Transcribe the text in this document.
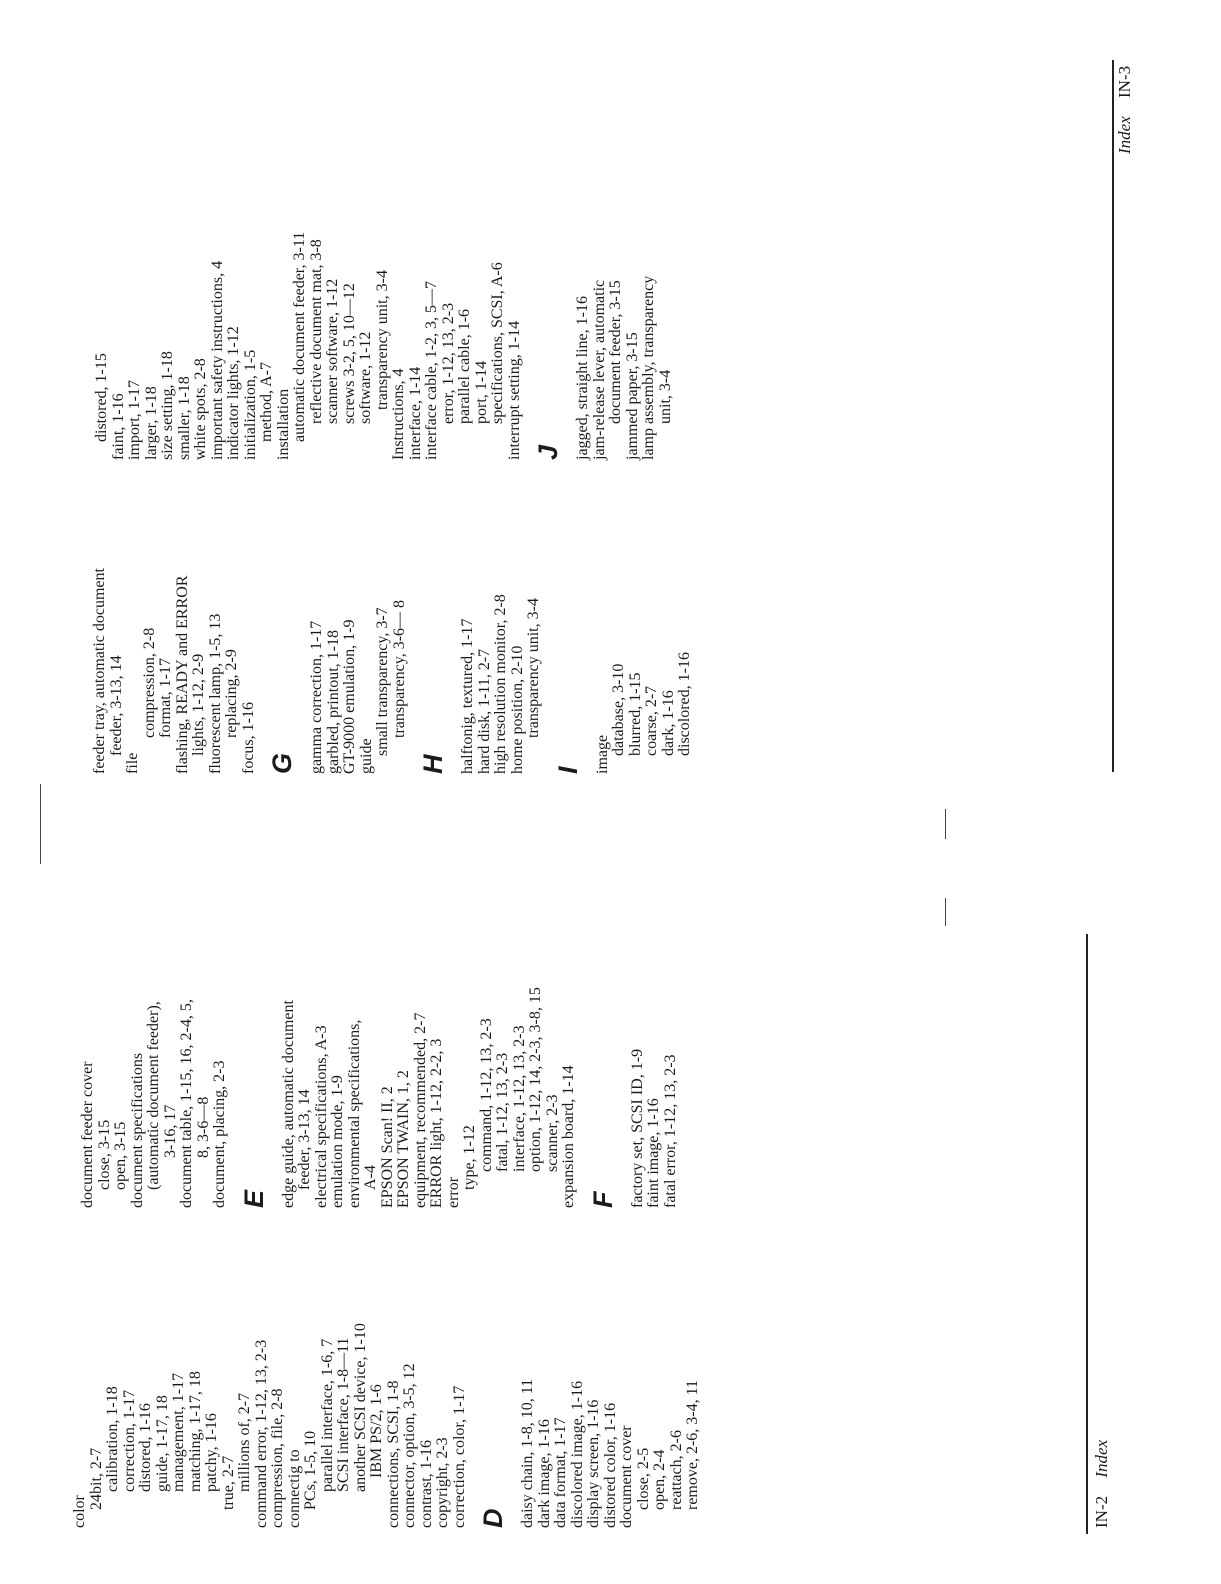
color
24bit, 2-7 calibration, 1-18 correction, 1-17 distored, 1-16 guide, 1-17, 18 management, 1-17 matching, 1-17, 18 patchy, 1-16 true, 2-7 millions of, 2-7 command error, 1-12, 13, 2-3 compression, file, 2-8 connectig to PCs, 1-5, 10 parallel interface, 1-6, 7 SCSI interface, 1-8—11 another SCSI device, 1-10 IBM PS/2, 1-6 connections, SCSI, 1-8 connector, option, 3-5, 12 contrast, 1-16 copyright, 2-3 correction, color, 1-17 D daisy chain, 1-8, 10, 11 dark image, 1-16 data format, 1-17 discolored image, 1-16 display screen, 1-16 distored color, 1-16 document cover close, 2-5 open, 2-4 reattach, 2-6 remove, 2-6, 3-4, 11
document feeder cover close, 3-15 open, 3-15 document specifications (automatic document feeder), 3-16, 17 document table, 1-15, 16, 2-4, 5, 8, 3-6—8 document, placing, 2-3 E edge guide, automatic document feeder, 3-13, 14 electrical specifications, A-3 emulation mode, 1-9 environmental specifications, A-4 EPSON Scan! II, 2 EPSON TWAIN, 1, 2 equipment, recommended, 2-7 ERROR light, 1-12, 2-2, 3 error
type, 1-12 command, 1-12, 13, 2-3 fatal, 1-12, 13, 2-3 interface, 1-12, 13, 2-3 option, 1-12, 14, 2-3, 3-8, 15 scanner, 2-3 expansion board, 1-14 F factory set, SCSI ID, 1-9 faint image, 1-16 fatal error, 1-12, 13, 2-3
IN-2 Index
feeder tray, automatic document feeder, 3-13, 14
file
compression, 2-8 format, 1-17 flashing, READY and ERROR lights, 1-12, 2-9 fluorescent lamp, 1-5, 13 replacing, 2-9
focus, 1-16 G gamma correction, 1-17 garbled, printout, 1-18 GT-9000 emulation, 1-9 guide
small transparency, 3-7 transparency, 3-6— 8
H halftonig, textured, 1-17 hard disk, 1-11, 2-7 high resolution monitor, 2-8 home position, 2-10 transparency unit, 3-4
I image database, 3-10 blurred, 1-15 coarse, 2-7 dark, 1-16 discolored, 1-16
distored, 1-15 faint, 1-16 import, 1-17 larger, 1-18 size setting, 1-18 smaller, 1-18 white spots, 2-8 important safety instructions, 4 indicator lights, 1-12 initialization, 1-5 method, A-7 installation automatic document feeder, 3-11 reflective document mat, 3-8 scanner software, 1-12 screws 3-2, 5, 10—12 software, 1-12 transparency unit, 3-4
Instructions, 4 interface, 1-14 interface cable, 1-2, 3, 5—7 error, 1-12, 13, 2-3 parallel cable, 1-6 port, 1-14 specifications, SCSI, A-6 interrupt setting, 1-14 J jagged, straight line, 1-16 jam-release lever, automatic document feeder, 3-15 jammed paper, 3-15 lamp assembly, transparency unit, 3-4
Index IN-3
